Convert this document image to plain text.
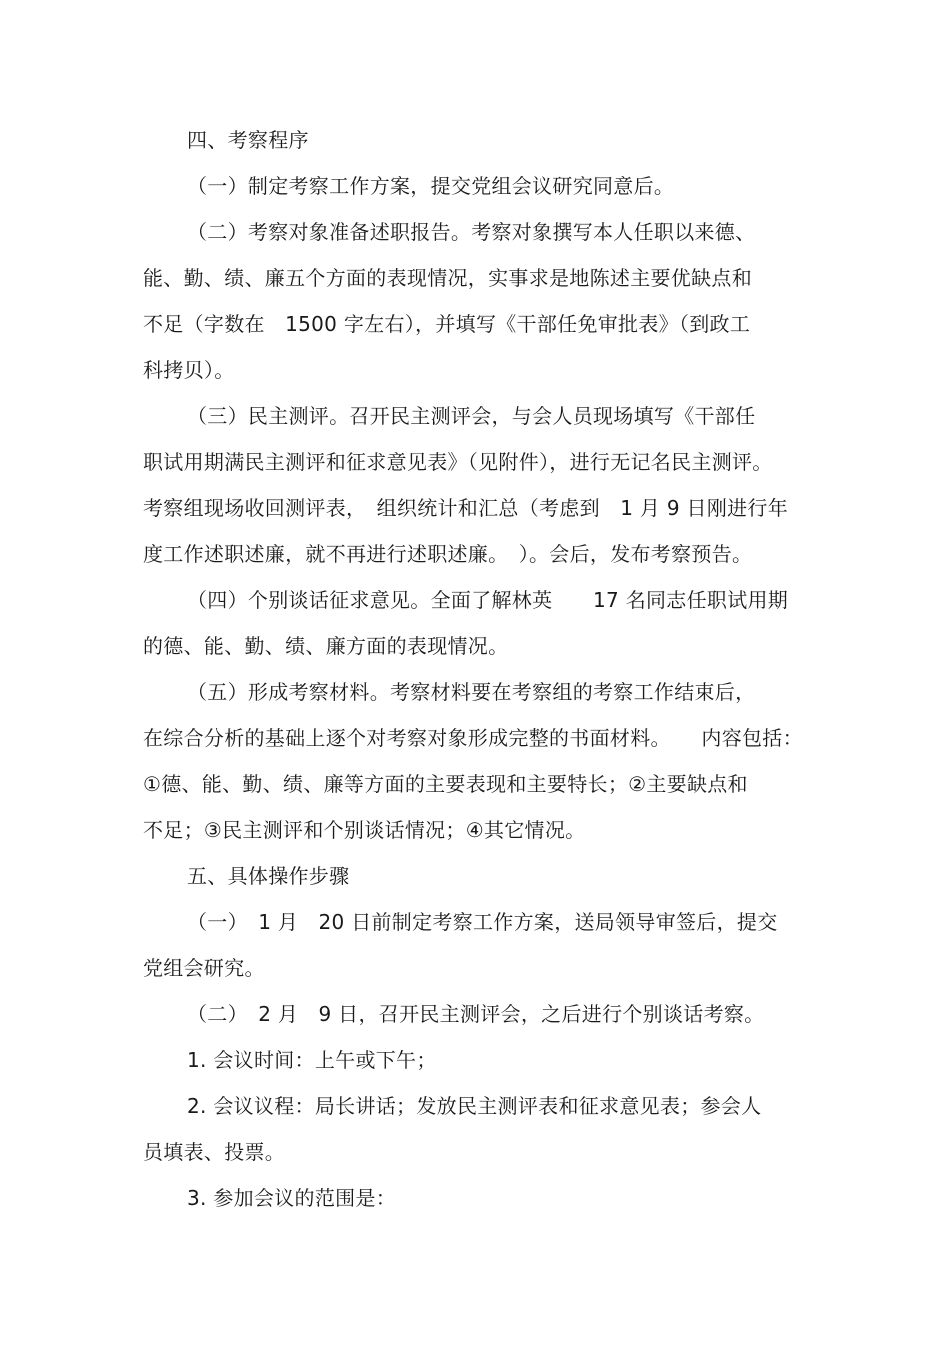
四、考察程序
（一）制定考察工作方案，提交党组会议研究同意后。
（二）考察对象准备述职报告。考察对象撰写本人任职以来德、
能、勤、绩、廉五个方面的表现情况，实事求是地陈述主要优缺点和
不足（字数在　1500 字左右），并填写《干部任免审批表》（到政工
科拷贝）。
（三）民主测评。召开民主测评会，与会人员现场填写《干部任
职试用期满民主测评和征求意见表》（见附件），进行无记名民主测评。
考察组现场收回测评表，　组织统计和汇总（考虑到　1 月 9 日刚进行年
度工作述职述廉，就不再进行述职述廉。　）。会后，发布考察预告。
（四）个别谈话征求意见。全面了解林英　　17 名同志任职试用期
的德、能、勤、绩、廉方面的表现情况。
（五）形成考察材料。考察材料要在考察组的考察工作结束后，
在综合分析的基础上逐个对考察对象形成完整的书面材料。　　内容包括：
①德、能、勤、绩、廉等方面的主要表现和主要特长；②主要缺点和
不足；③民主测评和个别谈话情况；④其它情况。
五、具体操作步骤
（一）　1 月　20 日前制定考察工作方案，送局领导审签后，提交
党组会研究。
（二）　2 月　9 日，召开民主测评会，之后进行个别谈话考察。
1. 会议时间：上午或下午；
2. 会议议程：局长讲话；发放民主测评表和征求意见表；参会人
员填表、投票。
3. 参加会议的范围是：
